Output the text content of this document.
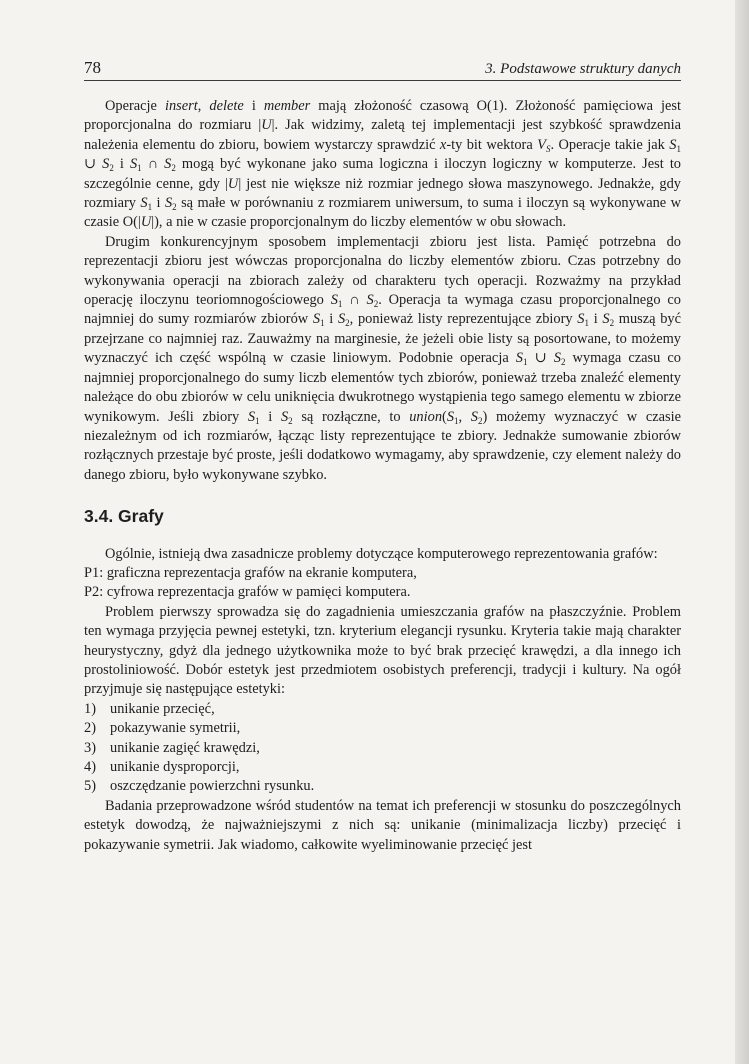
78	3. Podstawowe struktury danych

Operacje insert, delete i member mają złożoność czasową O(1). Złożoność pamięciowa jest proporcjonalna do rozmiaru |U|. Jak widzimy, zaletą tej implementacji jest szybkość sprawdzenia należenia elementu do zbioru, bowiem wystarczy sprawdzić x-ty bit wektora $V_S$. Operacje takie jak $S_1$ ∪ $S_2$ i $S_1$ ∩ $S_2$ mogą być wykonane jako suma logiczna i iloczyn logiczny w komputerze. Jest to szczególnie cenne, gdy |U| jest nie większe niż rozmiar jednego słowa maszynowego. Jednakże, gdy rozmiary $S_1$ i $S_2$ są małe w porównaniu z rozmiarem uniwersum, to suma i iloczyn są wykonywane w czasie O(|U|), a nie w czasie proporcjonalnym do liczby elementów w obu słowach.

Drugim konkurencyjnym sposobem implementacji zbioru jest lista. Pamięć potrzebna do reprezentacji zbioru jest wówczas proporcjonalna do liczby elementów zbioru. Czas potrzebny do wykonywania operacji na zbiorach zależy od charakteru tych operacji. Rozważmy na przykład operację iloczynu teoriomnogościowego $S_1$ ∩ $S_2$. Operacja ta wymaga czasu proporcjonalnego co najmniej do sumy rozmiarów zbiorów $S_1$ i $S_2$, ponieważ listy reprezentujące zbiory $S_1$ i $S_2$ muszą być przejrzane co najmniej raz. Zauważmy na marginesie, że jeżeli obie listy są posortowane, to możemy wyznaczyć ich część wspólną w czasie liniowym. Podobnie operacja $S_1$ ∪ $S_2$ wymaga czasu co najmniej proporcjonalnego do sumy liczb elementów tych zbiorów, ponieważ trzeba znaleźć elementy należące do obu zbiorów w celu uniknięcia dwukrotnego wystąpienia tego samego elementu w zbiorze wynikowym. Jeśli zbiory $S_1$ i $S_2$ są rozłączne, to $union(S_1$, $S_2$) możemy wyznaczyć w czasie niezależnym od ich rozmiarów, łącząc listy reprezentujące te zbiory. Jednakże sumowanie zbiorów rozłącznych przestaje być proste, jeśli dodatkowo wymagamy, aby sprawdzenie, czy element należy do danego zbioru, było wykonywane szybko.

3.4. Grafy

Ogólnie, istnieją dwa zasadnicze problemy dotyczące komputerowego reprezentowania grafów:

P1: graficzna reprezentacja grafów na ekranie komputera,

P2: cyfrowa reprezentacja grafów w pamięci komputera.

Problem pierwszy sprowadza się do zagadnienia umieszczania grafów na płaszczyźnie. Problem ten wymaga przyjęcia pewnej estetyki, tzn. kryterium elegancji rysunku. Kryteria takie mają charakter heurystyczny, gdyż dla jednego użytkownika może to być brak przecięć krawędzi, a dla innego ich prostoliniowość. Dobór estetyk jest przedmiotem osobistych preferencji, tradycji i kultury. Na ogół przyjmuje się następujące estetyki:

1) unikanie przecięć,
2) pokazywanie symetrii,
3) unikanie zagięć krawędzi,
4) unikanie dysproporcji,
5) oszczędzanie powierzchni rysunku.

Badania przeprowadzone wśród studentów na temat ich preferencji w stosunku do poszczególnych estetyk dowodzą, że najważniejszymi z nich są: unikanie (minimalizacja liczby) przecięć i pokazywanie symetrii. Jak wiadomo, całkowite wyeliminowanie przecięć jest
